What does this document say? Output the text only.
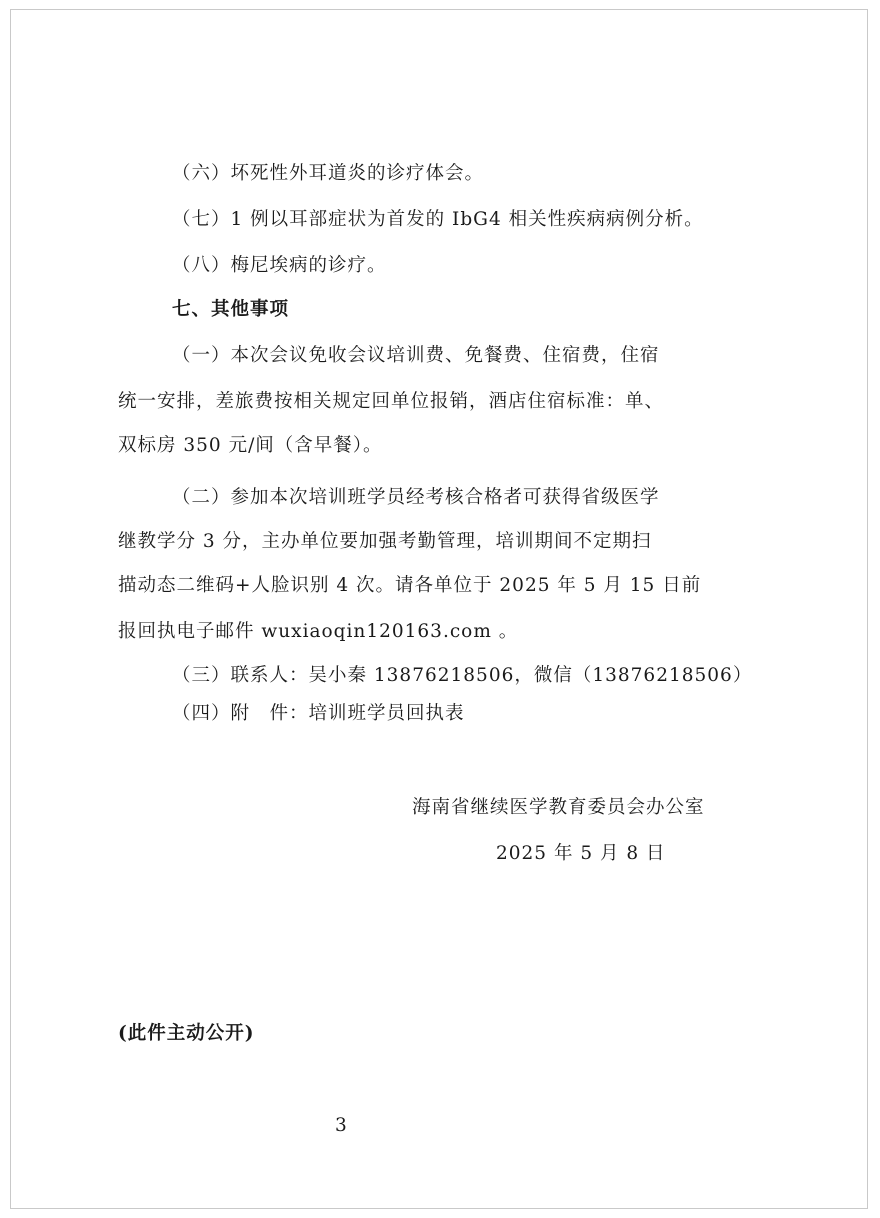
（六）坏死性外耳道炎的诊疗体会。
（七）1 例以耳部症状为首发的 IbG4 相关性疾病病例分析。
（八）梅尼埃病的诊疗。
七、其他事项
（一）本次会议免收会议培训费、免餐费、住宿费，住宿
统一安排，差旅费按相关规定回单位报销，酒店住宿标准：单、
双标房 350 元/间（含早餐）。
（二）参加本次培训班学员经考核合格者可获得省级医学
继教学分 3 分，主办单位要加强考勤管理，培训期间不定期扫
描动态二维码+人脸识别 4 次。请各单位于 2025 年 5 月 15 日前
报回执电子邮件 wuxiaoqin120163.com 。
（三）联系人：吴小秦 13876218506，微信（13876218506）
（四）附　件：培训班学员回执表
海南省继续医学教育委员会办公室
2025 年 5 月 8 日
(此件主动公开)
3
